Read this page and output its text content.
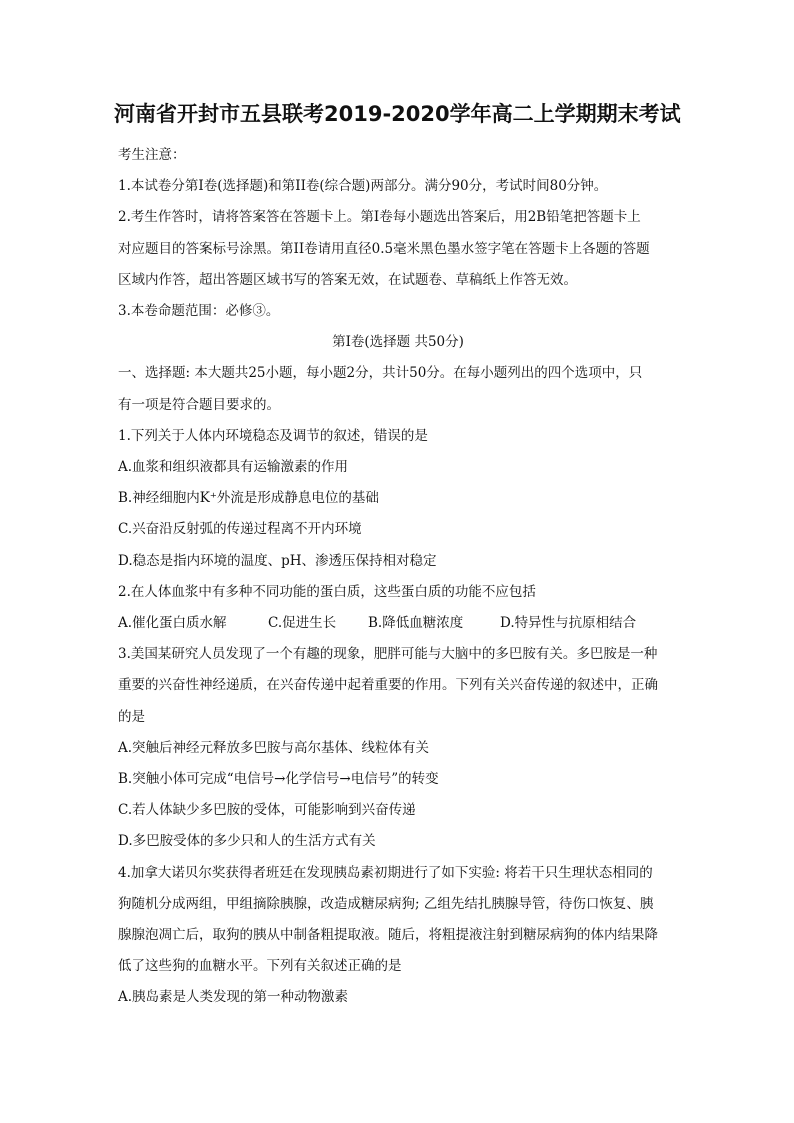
河南省开封市五县联考2019-2020学年高二上学期期末考试

考生注意：

1.本试卷分第I卷(选择题)和第II卷(综合题)两部分。满分90分，考试时间80分钟。

2.考生作答时，请将答案答在答题卡上。第I卷每小题选出答案后，用2B铅笔把答题卡上

对应题目的答案标号涂黑。第II卷请用直径0.5毫米黑色墨水签字笔在答题卡上各题的答题

区域内作答，超出答题区域书写的答案无效，在试题卷、草稿纸上作答无效。

3.本卷命题范围：必修③。

第I卷(选择题 共50分)

一、选择题: 本大题共25小题，每小题2分，共计50分。在每小题列出的四个选项中，只

有一项是符合题目要求的。

1.下列关于人体内环境稳态及调节的叙述，错误的是

A.血浆和组织液都具有运输激素的作用

B.神经细胞内K⁺外流是形成静息电位的基础

C.兴奋沿反射弧的传递过程离不开内环境

D.稳态是指内环境的温度、pH、渗透压保持相对稳定

2.在人体血浆中有多种不同功能的蛋白质，这些蛋白质的功能不应包括

A.催化蛋白质水解	C.促进生长	B.降低血糖浓度	D.特异性与抗原相结合

3.美国某研究人员发现了一个有趣的现象，肥胖可能与大脑中的多巴胺有关。多巴胺是一种

重要的兴奋性神经递质，在兴奋传递中起着重要的作用。下列有关兴奋传递的叙述中，正确

的是

A.突触后神经元释放多巴胺与高尔基体、线粒体有关

B.突触小体可完成“电信号→化学信号→电信号”的转变

C.若人体缺少多巴胺的受体，可能影响到兴奋传递

D.多巴胺受体的多少只和人的生活方式有关

4.加拿大诺贝尔奖获得者班廷在发现胰岛素初期进行了如下实验: 将若干只生理状态相同的

狗随机分成两组，甲组摘除胰腺，改造成糖尿病狗; 乙组先结扎胰腺导管，待伤口恢复、胰

腺腺泡凋亡后，取狗的胰从中制备粗提取液。随后，将粗提液注射到糖尿病狗的体内结果降

低了这些狗的血糖水平。下列有关叙述正确的是

A.胰岛素是人类发现的第一种动物激素
